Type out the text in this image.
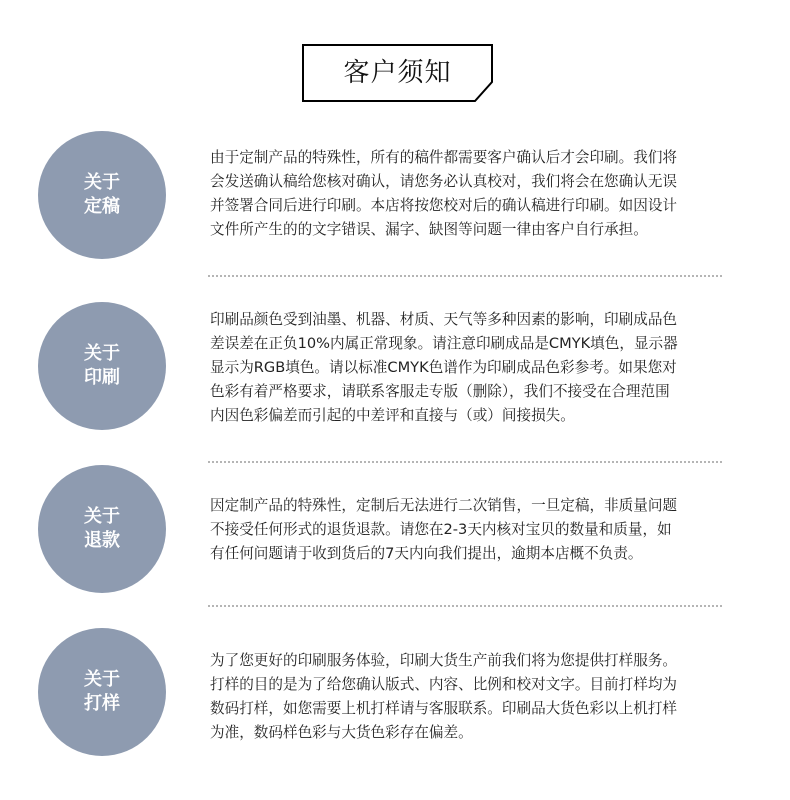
客户须知
关于
定稿

由于定制产品的特殊性，所有的稿件都需要客户确认后才会印刷。我们将
会发送确认稿给您核对确认，请您务必认真校对，我们将会在您确认无误
并签署合同后进行印刷。本店将按您校对后的确认稿进行印刷。如因设计
文件所产生的的文字错误、漏字、缺图等问题一律由客户自行承担。

关于
印刷

印刷品颜色受到油墨、机器、材质、天气等多种因素的影响，印刷成品色
差误差在正负10%内属正常现象。请注意印刷成品是CMYK填色，显示器
显示为RGB填色。请以标准CMYK色谱作为印刷成品色彩参考。如果您对
色彩有着严格要求，请联系客服走专版（删除），我们不接受在合理范围
内因色彩偏差而引起的中差评和直接与（或）间接损失。

关于
退款

因定制产品的特殊性，定制后无法进行二次销售，一旦定稿，非质量问题
不接受任何形式的退货退款。请您在2-3天内核对宝贝的数量和质量，如
有任何问题请于收到货后的7天内向我们提出，逾期本店概不负责。

关于
打样

为了您更好的印刷服务体验，印刷大货生产前我们将为您提供打样服务。
打样的目的是为了给您确认版式、内容、比例和校对文字。目前打样均为
数码打样，如您需要上机打样请与客服联系。印刷品大货色彩以上机打样
为准，数码样色彩与大货色彩存在偏差。
